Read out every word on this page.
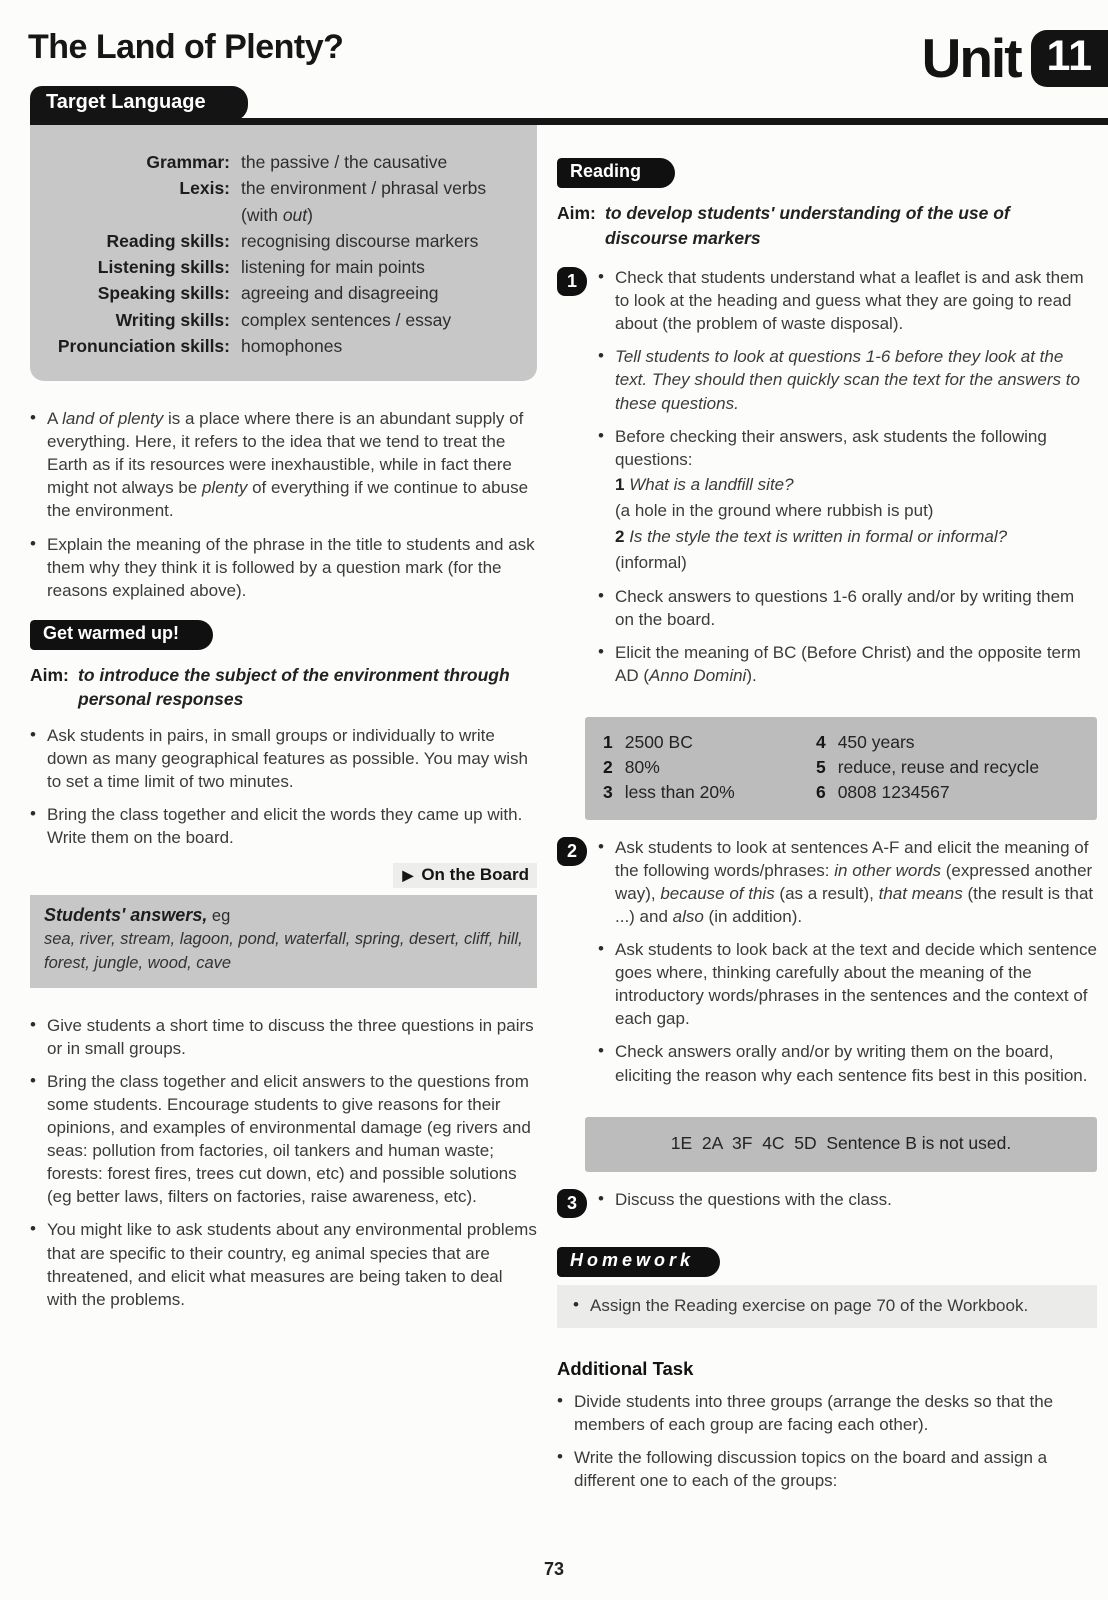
The Land of Plenty?	Unit 11
Target Language
Grammar: the passive / the causative
Lexis: the environment / phrasal verbs (with out)
Reading skills: recognising discourse markers
Listening skills: listening for main points
Speaking skills: agreeing and disagreeing
Writing skills: complex sentences / essay
Pronunciation skills: homophones
• A land of plenty is a place where there is an abundant supply of everything. Here, it refers to the idea that we tend to treat the Earth as if its resources were inexhaustible, while in fact there might not always be plenty of everything if we continue to abuse the environment.
• Explain the meaning of the phrase in the title to students and ask them why they think it is followed by a question mark (for the reasons explained above).
Get warmed up!
Aim: to introduce the subject of the environment through personal responses
• Ask students in pairs, in small groups or individually to write down as many geographical features as possible. You may wish to set a time limit of two minutes.
• Bring the class together and elicit the words they came up with. Write them on the board.
▶ On the Board
Students' answers, eg
sea, river, stream, lagoon, pond, waterfall, spring, desert, cliff, hill, forest, jungle, wood, cave
• Give students a short time to discuss the three questions in pairs or in small groups.
• Bring the class together and elicit answers to the questions from some students. Encourage students to give reasons for their opinions, and examples of environmental damage (eg rivers and seas: pollution from factories, oil tankers and human waste; forests: forest fires, trees cut down, etc) and possible solutions (eg better laws, filters on factories, raise awareness, etc).
• You might like to ask students about any environmental problems that are specific to their country, eg animal species that are threatened, and elicit what measures are being taken to deal with the problems.
Reading
Aim: to develop students' understanding of the use of discourse markers
1	• Check that students understand what a leaflet is and ask them to look at the heading and guess what they are going to read about (the problem of waste disposal).
• Tell students to look at questions 1-6 before they look at the text. They should then quickly scan the text for the answers to these questions.
• Before checking their answers, ask students the following questions:
1 What is a landfill site?
(a hole in the ground where rubbish is put)
2 Is the style the text is written in formal or informal?
(informal)
• Check answers to questions 1-6 orally and/or by writing them on the board.
• Elicit the meaning of BC (Before Christ) and the opposite term AD (Anno Domini).
1 2500 BC
2 80%
3 less than 20%
4 450 years
5 reduce, reuse and recycle
6 0808 1234567
2	• Ask students to look at sentences A-F and elicit the meaning of the following words/phrases: in other words (expressed another way), because of this (as a result), that means (the result is that ...) and also (in addition).
• Ask students to look back at the text and decide which sentence goes where, thinking carefully about the meaning of the introductory words/phrases in the sentences and the context of each gap.
• Check answers orally and/or by writing them on the board, eliciting the reason why each sentence fits best in this position.
1E  2A  3F  4C  5D  Sentence B is not used.
3	• Discuss the questions with the class.
Homework
• Assign the Reading exercise on page 70 of the Workbook.
Additional Task
• Divide students into three groups (arrange the desks so that the members of each group are facing each other).
• Write the following discussion topics on the board and assign a different one to each of the groups:
73
